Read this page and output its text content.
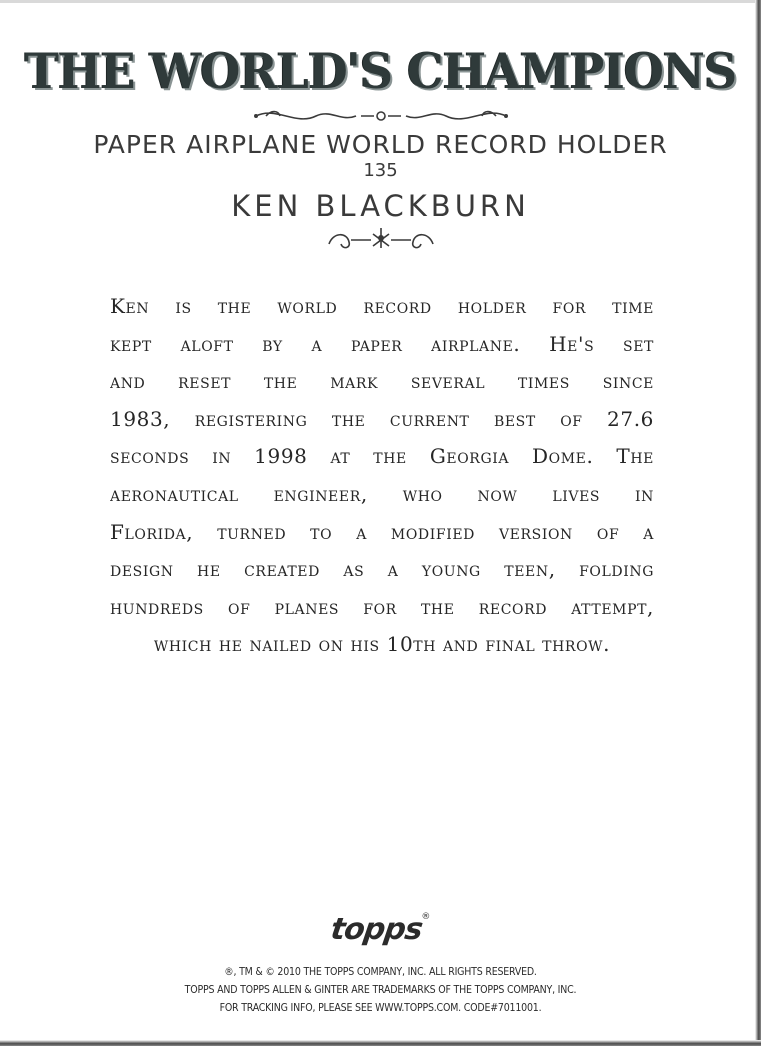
THE WORLD'S CHAMPIONS
PAPER AIRPLANE WORLD RECORD HOLDER
135
KEN BLACKBURN
Ken is the world record holder for time
kept aloft by a paper airplane. He's set
and reset the mark several times since
1983, registering the current best of 27.6
seconds in 1998 at the Georgia Dome. The
aeronautical engineer, who now lives in
Florida, turned to a modified version of a
design he created as a young teen, folding
hundreds of planes for the record attempt,
which he nailed on his 10th and final throw.
topps®
®, TM & © 2010 THE TOPPS COMPANY, INC. ALL RIGHTS RESERVED.
TOPPS AND TOPPS ALLEN & GINTER ARE TRADEMARKS OF THE TOPPS COMPANY, INC.
FOR TRACKING INFO, PLEASE SEE WWW.TOPPS.COM. CODE#7011001.
